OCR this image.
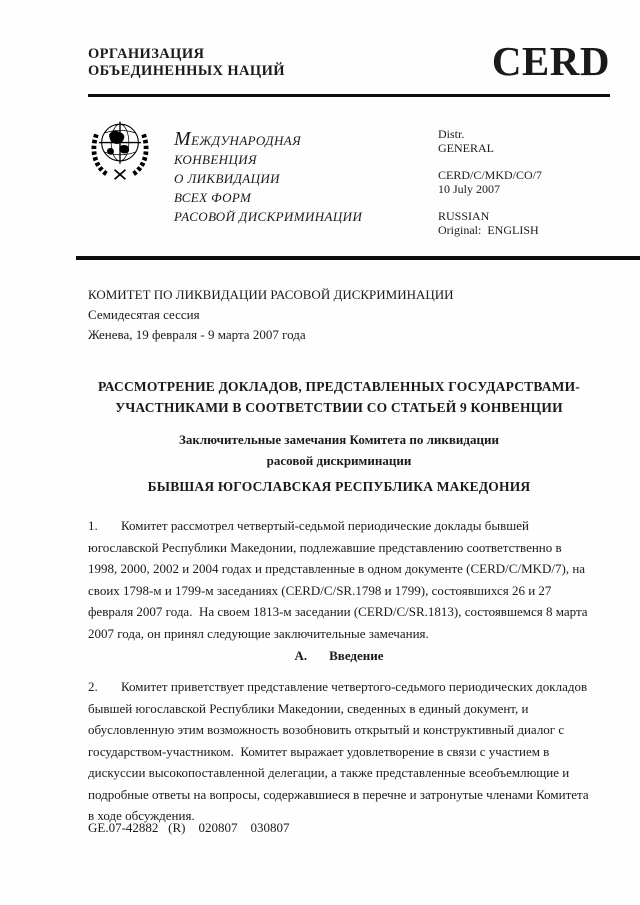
ОРГАНИЗАЦИЯ
ОБЪЕДИНЕННЫХ НАЦИЙ	CERD
МЕЖДУНАРОДНАЯ
КОНВЕНЦИЯ
О ЛИКВИДАЦИИ
ВСЕХ ФОРМ
РАСОВОЙ ДИСКРИМИНАЦИИ
Distr.
GENERAL
CERD/C/MKD/CO/7
10 July 2007
RUSSIAN
Original:  ENGLISH
КОМИТЕТ ПО ЛИКВИДАЦИИ РАСОВОЙ ДИСКРИМИНАЦИИ
Семидесятая сессия
Женева, 19 февраля - 9 марта 2007 года
РАССМОТРЕНИЕ ДОКЛАДОВ, ПРЕДСТАВЛЕННЫХ ГОСУДАРСТВАМИ-
УЧАСТНИКАМИ В СООТВЕТСТВИИ СО СТАТЬЕЙ 9 КОНВЕНЦИИ
Заключительные замечания Комитета по ликвидации
расовой дискриминации
БЫВШАЯ ЮГОСЛАВСКАЯ РЕСПУБЛИКА МАКЕДОНИЯ

1. Комитет рассмотрел четвертый-седьмой периодические доклады бывшей югославской Республики Македонии, подлежавшие представлению соответственно в 1998, 2000, 2002 и 2004 годах и представленные в одном документе (CERD/C/MKD/7), на своих 1798-м и 1799-м заседаниях (CERD/C/SR.1798 и 1799), состоявшихся 26 и 27 февраля 2007 года.  На своем 1813-м заседании (CERD/C/SR.1813), состоявшемся 8 марта 2007 года, он принял следующие заключительные замечания.

А. Введение

2. Комитет приветствует представление четвертого-седьмого периодических докладов бывшей югославской Республики Македонии, сведенных в единый документ, и обусловленную этим возможность возобновить открытый и конструктивный диалог с государством-участником.  Комитет выражает удовлетворение в связи с участием в дискуссии высокопоставленной делегации, а также представленные всеобъемлющие и подробные ответы на вопросы, содержавшиеся в перечне и затронутые членами Комитета в ходе обсуждения.

GE.07-42882   (R)    020807    030807
